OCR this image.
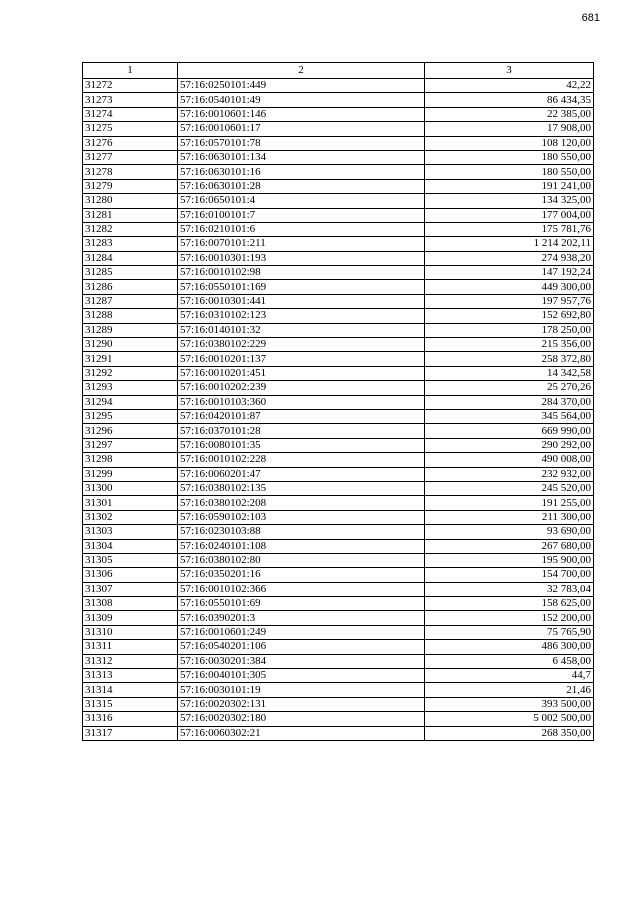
681
1	2	3
31272	57:16:0250101:449	42,22
31273	57:16:0540101:49	86 434,35
31274	57:16:0010601:146	22 385,00
31275	57:16:0010601:17	17 908,00
31276	57:16:0570101:78	108 120,00
31277	57:16:0630101:134	180 550,00
31278	57:16:0630101:16	180 550,00
31279	57:16:0630101:28	191 241,00
31280	57:16:0650101:4	134 325,00
31281	57:16:0100101:7	177 004,00
31282	57:16:0210101:6	175 781,76
31283	57:16:0070101:211	1 214 202,11
31284	57:16:0010301:193	274 938,20
31285	57:16:0010102:98	147 192,24
31286	57:16:0550101:169	449 300,00
31287	57:16:0010301:441	197 957,76
31288	57:16:0310102:123	152 692,80
31289	57:16:0140101:32	178 250,00
31290	57:16:0380102:229	215 356,00
31291	57:16:0010201:137	258 372,80
31292	57:16:0010201:451	14 342,58
31293	57:16:0010202:239	25 270,26
31294	57:16:0010103:360	284 370,00
31295	57:16:0420101:87	345 564,00
31296	57:16:0370101:28	669 990,00
31297	57:16:0080101:35	290 292,00
31298	57:16:0010102:228	490 008,00
31299	57:16:0060201:47	232 932,00
31300	57:16:0380102:135	245 520,00
31301	57:16:0380102:208	191 255,00
31302	57:16:0590102:103	211 300,00
31303	57:16:0230103:88	93 690,00
31304	57:16:0240101:108	267 680,00
31305	57:16:0380102:80	195 900,00
31306	57:16:0350201:16	154 700,00
31307	57:16:0010102:366	32 783,04
31308	57:16:0550101:69	158 625,00
31309	57:16:0390201:3	152 200,00
31310	57:16:0010601:249	75 765,90
31311	57:16:0540201:106	486 300,00
31312	57:16:0030201:384	6 458,00
31313	57:16:0040101:305	44,7
31314	57:16:0030101:19	21,46
31315	57:16:0020302:131	393 500,00
31316	57:16:0020302:180	5 002 500,00
31317	57:16:0060302:21	268 350,00
